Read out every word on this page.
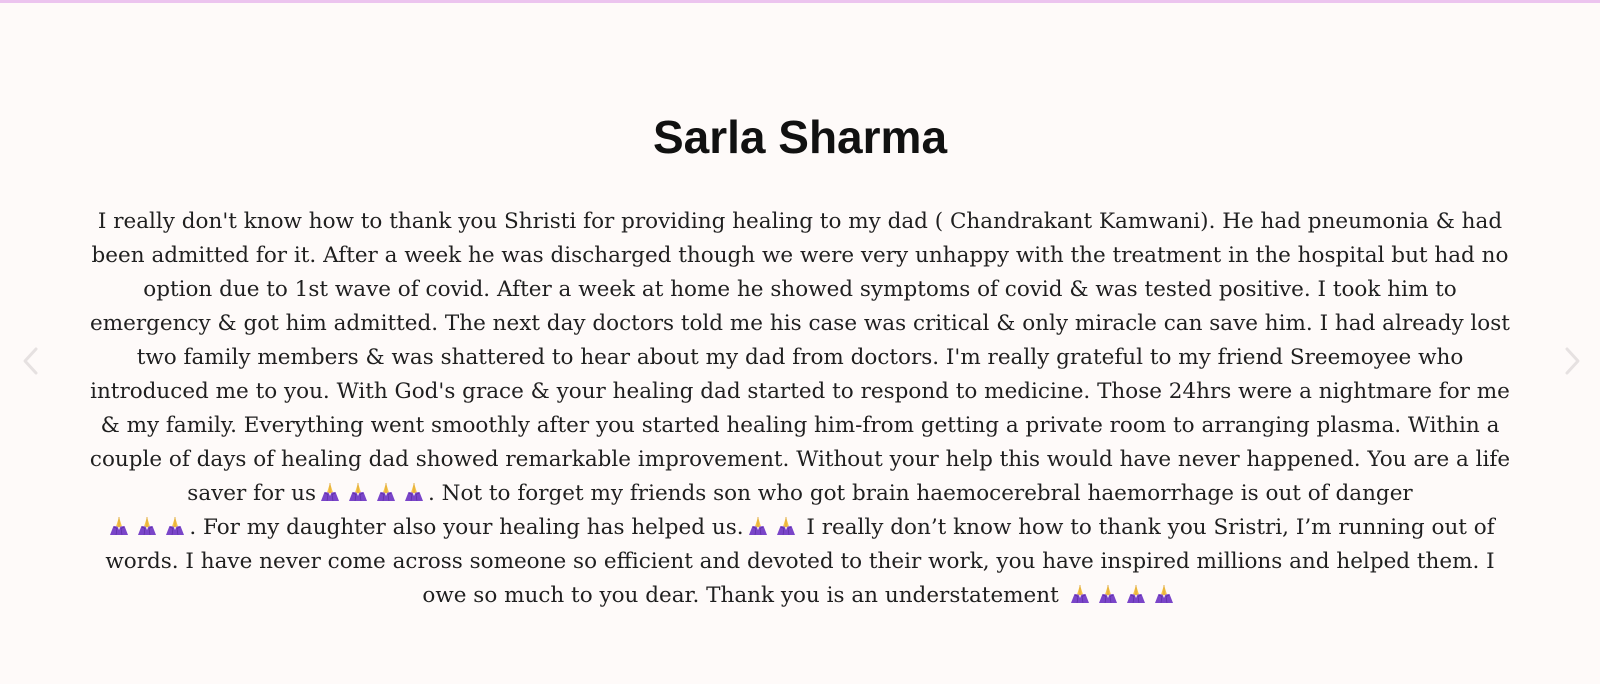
Sarla Sharma

I really don't know how to thank you Shristi for providing healing to my dad ( Chandrakant Kamwani). He had pneumonia & had been admitted for it. After a week he was discharged though we were very unhappy with the treatment in the hospital but had no option due to 1st wave of covid. After a week at home he showed symptoms of covid & was tested positive. I took him to emergency & got him admitted. The next day doctors told me his case was critical & only miracle can save him. I had already lost two family members & was shattered to hear about my dad from doctors. I'm really grateful to my friend Sreemoyee who introduced me to you. With God's grace & your healing dad started to respond to medicine. Those 24hrs were a nightmare for me & my family. Everything went smoothly after you started healing him-from getting a private room to arranging plasma. Within a couple of days of healing dad showed remarkable improvement. Without your help this would have never happened. You are a life saver for us	. Not to forget my friends son who got brain haemocerebral haemorrhage is out of danger
. For my daughter also your healing has helped us.	I really don’t know how to thank you Sristri, I’m running out of words. I have never come across someone so efficient and devoted to their work, you have inspired millions and helped them. I owe so much to you dear. Thank you is an understatement
